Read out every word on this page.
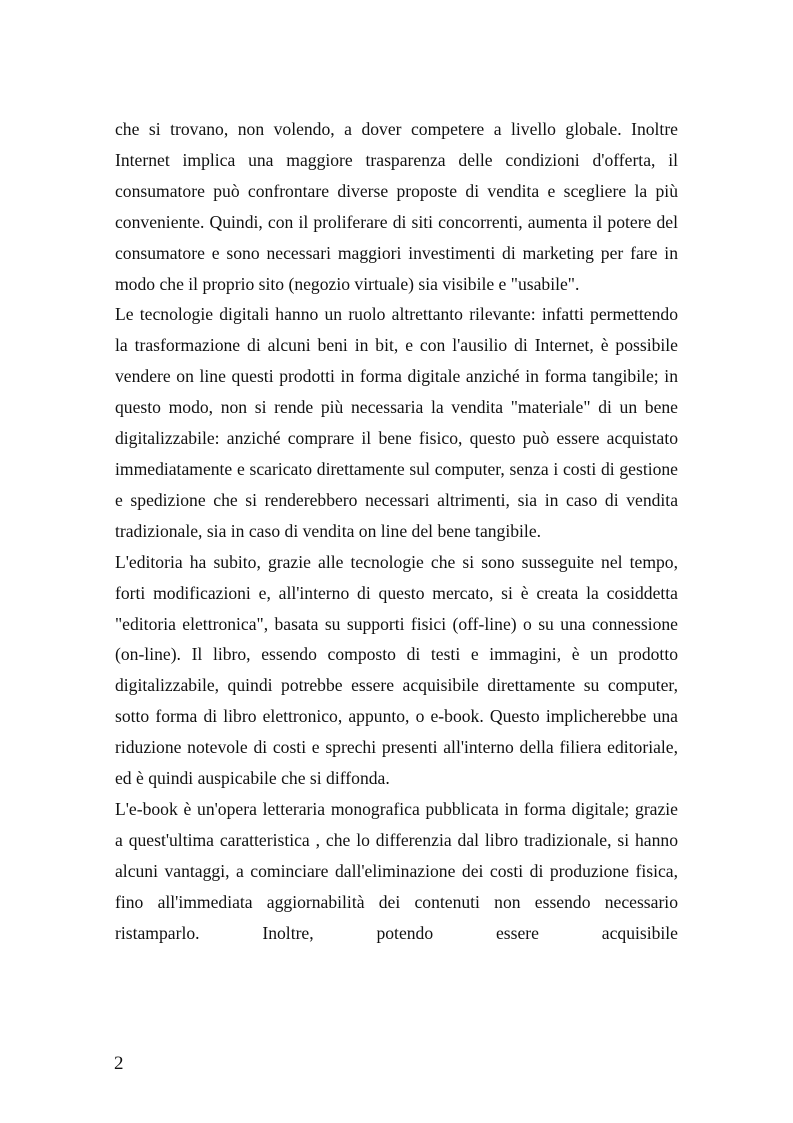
che si trovano, non volendo, a dover competere a livello globale. Inoltre Internet implica una maggiore trasparenza delle condizioni d'offerta, il consumatore può confrontare diverse proposte di vendita e scegliere la più conveniente. Quindi, con il proliferare di siti concorrenti, aumenta il potere del consumatore e sono necessari maggiori investimenti di marketing per fare in modo che il proprio sito (negozio virtuale) sia visibile e "usabile".

Le tecnologie digitali hanno un ruolo altrettanto rilevante: infatti permettendo la trasformazione di alcuni beni in bit, e con l'ausilio di Internet, è possibile vendere on line questi prodotti in forma digitale anziché in forma tangibile; in questo modo, non si rende più necessaria la vendita "materiale" di un bene digitalizzabile: anziché comprare il bene fisico, questo può essere acquistato immediatamente e scaricato direttamente sul computer, senza i costi di gestione e spedizione che si renderebbero necessari altrimenti, sia in caso di vendita tradizionale, sia in caso di vendita on line del bene tangibile.

L'editoria ha subito, grazie alle tecnologie che si sono susseguite nel tempo, forti modificazioni e, all'interno di questo mercato, si è creata la cosiddetta "editoria elettronica", basata su supporti fisici (off-line) o su una connessione (on-line). Il libro, essendo composto di testi e immagini, è un prodotto digitalizzabile, quindi potrebbe essere acquisibile direttamente su computer, sotto forma di libro elettronico, appunto, o e-book. Questo implicherebbe una riduzione notevole di costi e sprechi presenti all'interno della filiera editoriale, ed è quindi auspicabile che si diffonda.

L'e-book è un'opera letteraria monografica pubblicata in forma digitale; grazie a quest'ultima caratteristica , che lo differenzia dal libro tradizionale, si hanno alcuni vantaggi, a cominciare dall'eliminazione dei costi di produzione fisica, fino all'immediata aggiornabilità dei contenuti non essendo necessario ristamparlo. Inoltre, potendo essere acquisibile

2
